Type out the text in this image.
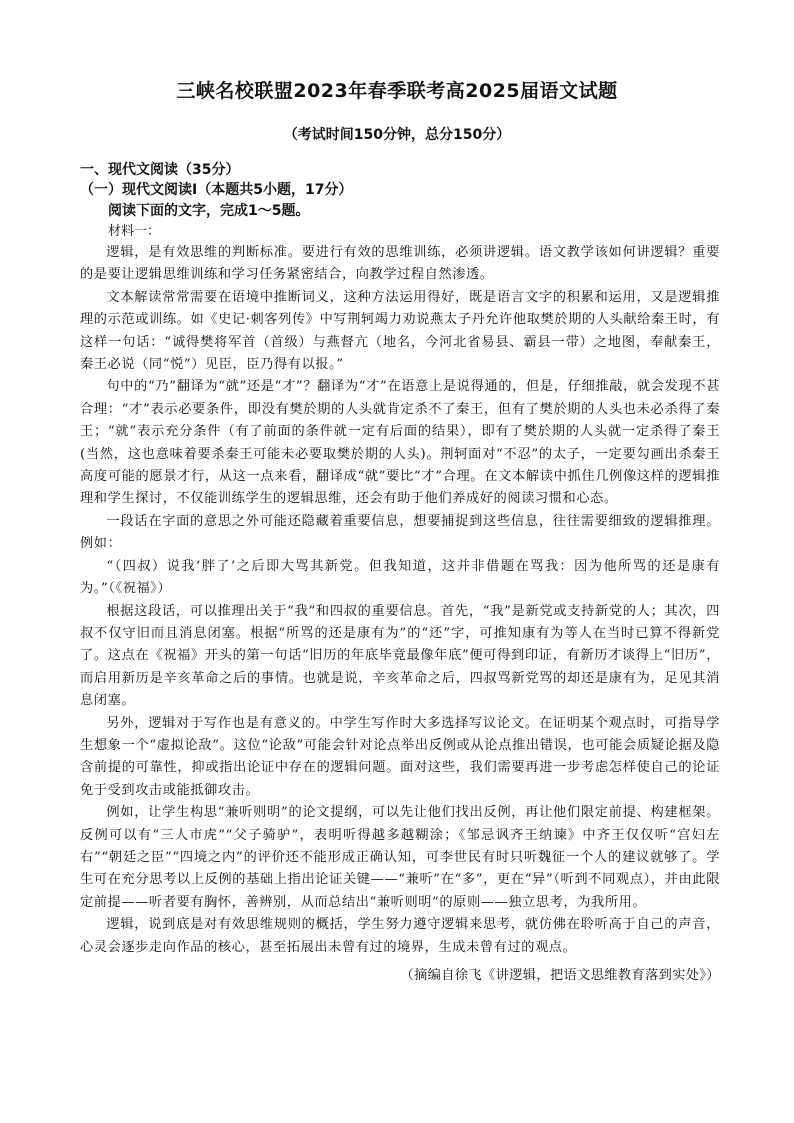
三峡名校联盟2023年春季联考高2025届语文试题
（考试时间150分钟，总分150分）

一、现代文阅读（35分）

（一）现代文阅读Ⅰ（本题共5小题，17分）

阅读下面的文字，完成1～5题。

材料一：

逻辑，是有效思维的判断标准。要进行有效的思维训练，必须讲逻辑。语文教学该如何讲逻辑？重要的是要让逻辑思维训练和学习任务紧密结合，向教学过程自然渗透。

文本解读常常需要在语境中推断词义，这种方法运用得好，既是语言文字的积累和运用，又是逻辑推理的示范或训练。如《史记·刺客列传》中写荆轲竭力劝说燕太子丹允许他取樊於期的人头献给秦王时，有这样一句话：“诚得樊将军首（首级）与燕督亢（地名，今河北省易县、霸县一带）之地图，奉献秦王，秦王必说（同“悦”）见臣，臣乃得有以报。”

句中的“乃”翻译为“就”还是“才”？翻译为“才”在语意上是说得通的，但是，仔细推敲，就会发现不甚合理：“才”表示必要条件，即没有樊於期的人头就肯定杀不了秦王，但有了樊於期的人头也未必杀得了秦王；“就”表示充分条件（有了前面的条件就一定有后面的结果），即有了樊於期的人头就一定杀得了秦王(当然，这也意味着要杀秦王可能未必要取樊於期的人头)。荆轲面对“不忍”的太子，一定要勾画出杀秦王高度可能的愿景才行，从这一点来看，翻译成“就”要比“才”合理。在文本解读中抓住几例像这样的逻辑推理和学生探讨，不仅能训练学生的逻辑思维，还会有助于他们养成好的阅读习惯和心态。

一段话在字面的意思之外可能还隐藏着重要信息，想要捕捉到这些信息，往往需要细致的逻辑推理。例如：

“（四叔）说我‘胖了’之后即大骂其新党。但我知道，这并非借题在骂我：因为他所骂的还是康有为。”（《祝福》）

根据这段话，可以推理出关于“我”和四叔的重要信息。首先，“我”是新党或支持新党的人；其次，四叔不仅守旧而且消息闭塞。根据“所骂的还是康有为”的“还”字，可推知康有为等人在当时已算不得新党了。这点在《祝福》开头的第一句话“旧历的年底毕竟最像年底”便可得到印证，有新历才谈得上“旧历”，而启用新历是辛亥革命之后的事情。也就是说，辛亥革命之后，四叔骂新党骂的却还是康有为，足见其消息闭塞。

另外，逻辑对于写作也是有意义的。中学生写作时大多选择写议论文。在证明某个观点时，可指导学生想象一个“虚拟论敌”。这位“论敌”可能会针对论点举出反例或从论点推出错误，也可能会质疑论据及隐含前提的可靠性，抑或指出论证中存在的逻辑问题。面对这些，我们需要再进一步考虑怎样使自己的论证免于受到攻击或能抵御攻击。

例如，让学生构思“兼听则明”的论文提纲，可以先让他们找出反例，再让他们限定前提、构建框架。反例可以有“三人市虎”“父子骑驴”，表明听得越多越糊涂；《邹忌讽齐王纳谏》中齐王仅仅听“宫妇左右”“朝廷之臣”“四境之内”的评价还不能形成正确认知，可李世民有时只听魏征一个人的建议就够了。学生可在充分思考以上反例的基础上指出论证关键——“兼听”在“多”，更在“异”（听到不同观点），并由此限定前提——听者要有胸怀，善辨别，从而总结出“兼听则明”的原则——独立思考，为我所用。

逻辑，说到底是对有效思维规则的概括，学生努力遵守逻辑来思考，就仿佛在聆听高于自己的声音，心灵会逐步走向作品的核心，甚至拓展出未曾有过的境界，生成未曾有过的观点。

（摘编自徐飞《讲逻辑，把语文思维教育落到实处》）
